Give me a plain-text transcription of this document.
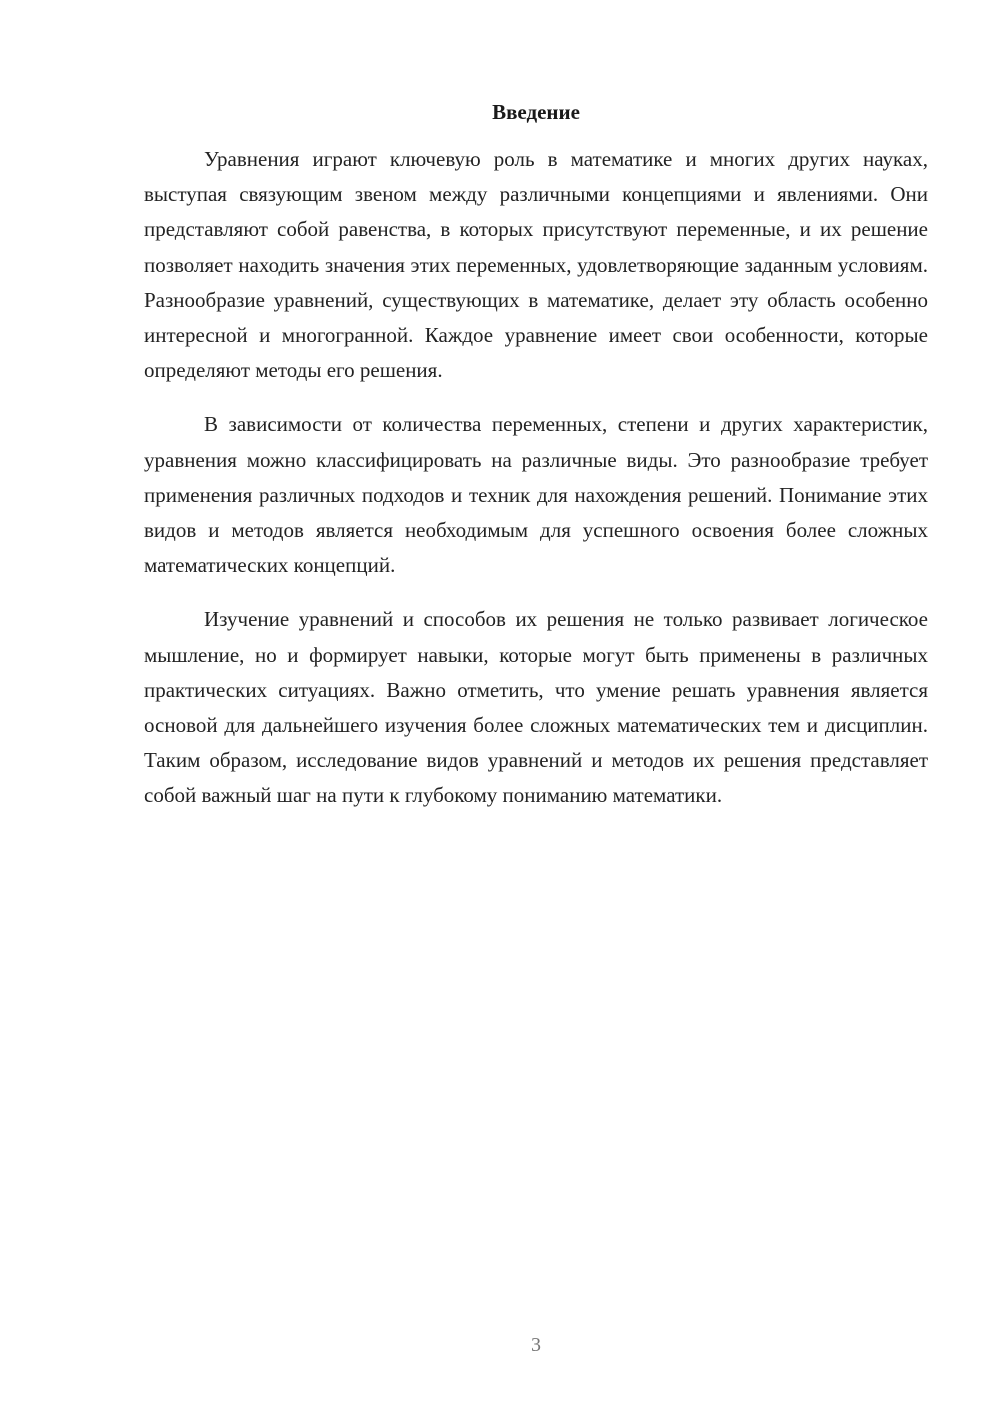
Введение

Уравнения играют ключевую роль в математике и многих других науках, выступая связующим звеном между различными концепциями и явлениями. Они представляют собой равенства, в которых присутствуют переменные, и их решение позволяет находить значения этих переменных, удовлетворяющие заданным условиям. Разнообразие уравнений, существующих в математике, делает эту область особенно интересной и многогранной. Каждое уравнение имеет свои особенности, которые определяют методы его решения.

В зависимости от количества переменных, степени и других характеристик, уравнения можно классифицировать на различные виды. Это разнообразие требует применения различных подходов и техник для нахождения решений. Понимание этих видов и методов является необходимым для успешного освоения более сложных математических концепций.

Изучение уравнений и способов их решения не только развивает логическое мышление, но и формирует навыки, которые могут быть применены в различных практических ситуациях. Важно отметить, что умение решать уравнения является основой для дальнейшего изучения более сложных математических тем и дисциплин. Таким образом, исследование видов уравнений и методов их решения представляет собой важный шаг на пути к глубокому пониманию математики.

3
